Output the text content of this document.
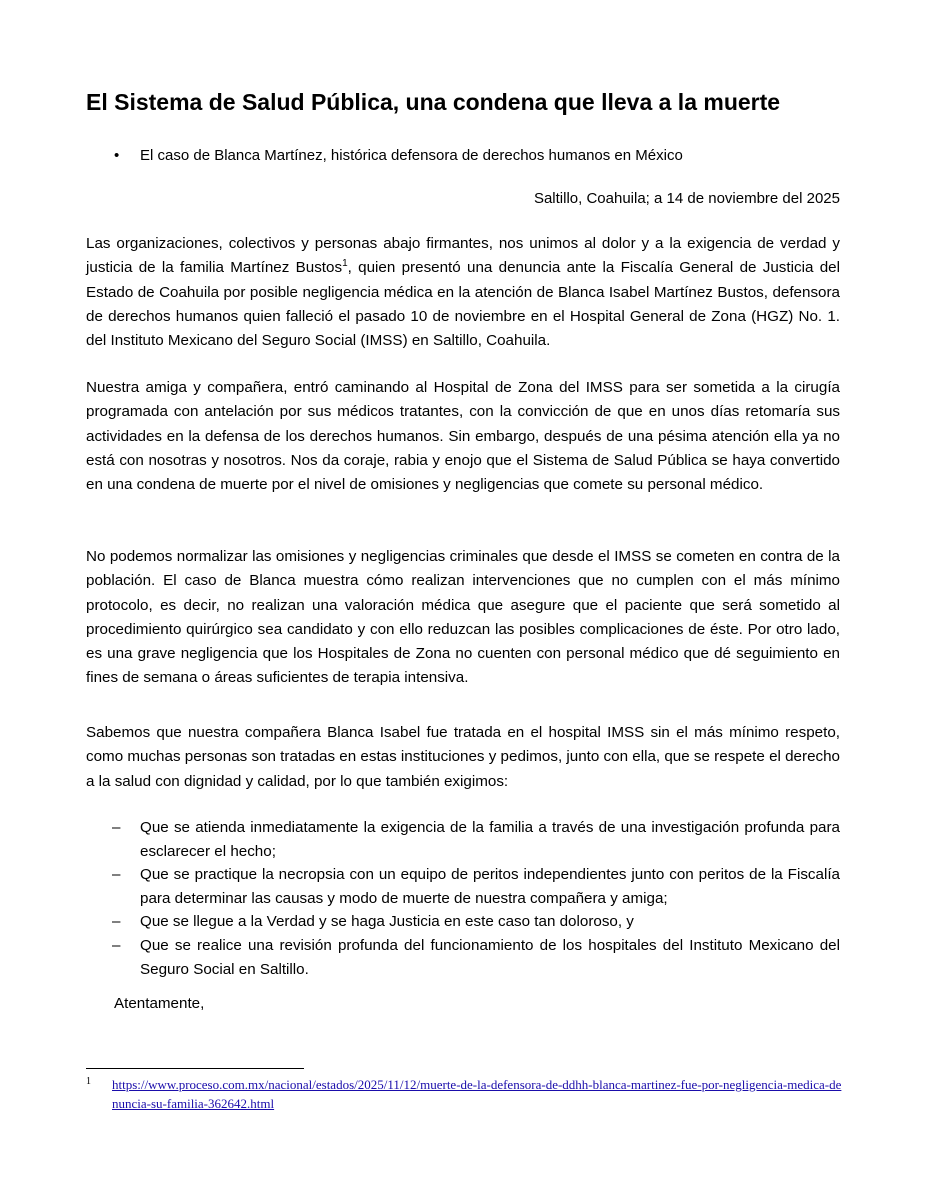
El Sistema de Salud Pública, una condena que lleva a la muerte
•	El caso de Blanca Martínez, histórica defensora de derechos humanos en México
Saltillo, Coahuila; a 14 de noviembre del 2025

Las organizaciones, colectivos y personas abajo firmantes, nos unimos al dolor y a la exigencia de verdad y justicia de la familia Martínez Bustos$^1$, quien presentó una denuncia ante la Fiscalía General de Justicia del Estado de Coahuila por posible negligencia médica en la atención de Blanca Isabel Martínez Bustos, defensora de derechos humanos quien falleció el pasado 10 de noviembre en el Hospital General de Zona (HGZ) No. 1. del Instituto Mexicano del Seguro Social (IMSS) en Saltillo, Coahuila.

Nuestra amiga y compañera, entró caminando al Hospital de Zona del IMSS para ser sometida a la cirugía programada con antelación por sus médicos tratantes, con la convicción de que en unos días retomaría sus actividades en la defensa de los derechos humanos. Sin embargo, después de una pésima atención ella ya no está con nosotras y nosotros. Nos da coraje, rabia y enojo que el Sistema de Salud Pública se haya convertido en una condena de muerte por el nivel de omisiones y negligencias que comete su personal médico.

No podemos normalizar las omisiones y negligencias criminales que desde el IMSS se cometen en contra de la población. El caso de Blanca muestra cómo realizan intervenciones que no cumplen con el más mínimo protocolo, es decir, no realizan una valoración médica que asegure que el paciente que será sometido al procedimiento quirúrgico sea candidato y con ello reduzcan las posibles complicaciones de éste. Por otro lado, es una grave negligencia que los Hospitales de Zona no cuenten con personal médico que dé seguimiento en fines de semana o áreas suficientes de terapia intensiva.

Sabemos que nuestra compañera Blanca Isabel fue tratada en el hospital IMSS sin el más mínimo respeto, como muchas personas son tratadas en estas instituciones y pedimos, junto con ella, que se respete el derecho a la salud con dignidad y calidad, por lo que también exigimos:

– Que se atienda inmediatamente la exigencia de la familia a través de una investigación profunda para esclarecer el hecho;
– Que se practique la necropsia con un equipo de peritos independientes junto con peritos de la Fiscalía para determinar las causas y modo de muerte de nuestra compañera y amiga;
– Que se llegue a la Verdad y se haga Justicia en este caso tan doloroso, y
– Que se realice una revisión profunda del funcionamiento de los hospitales del Instituto Mexicano del Seguro Social en Saltillo.
Atentamente,
1 https://www.proceso.com.mx/nacional/estados/2025/11/12/muerte-de-la-defensora-de-ddhh-blanca-martinez-fue-por-negligencia-medica-denuncia-su-familia-362642.html
